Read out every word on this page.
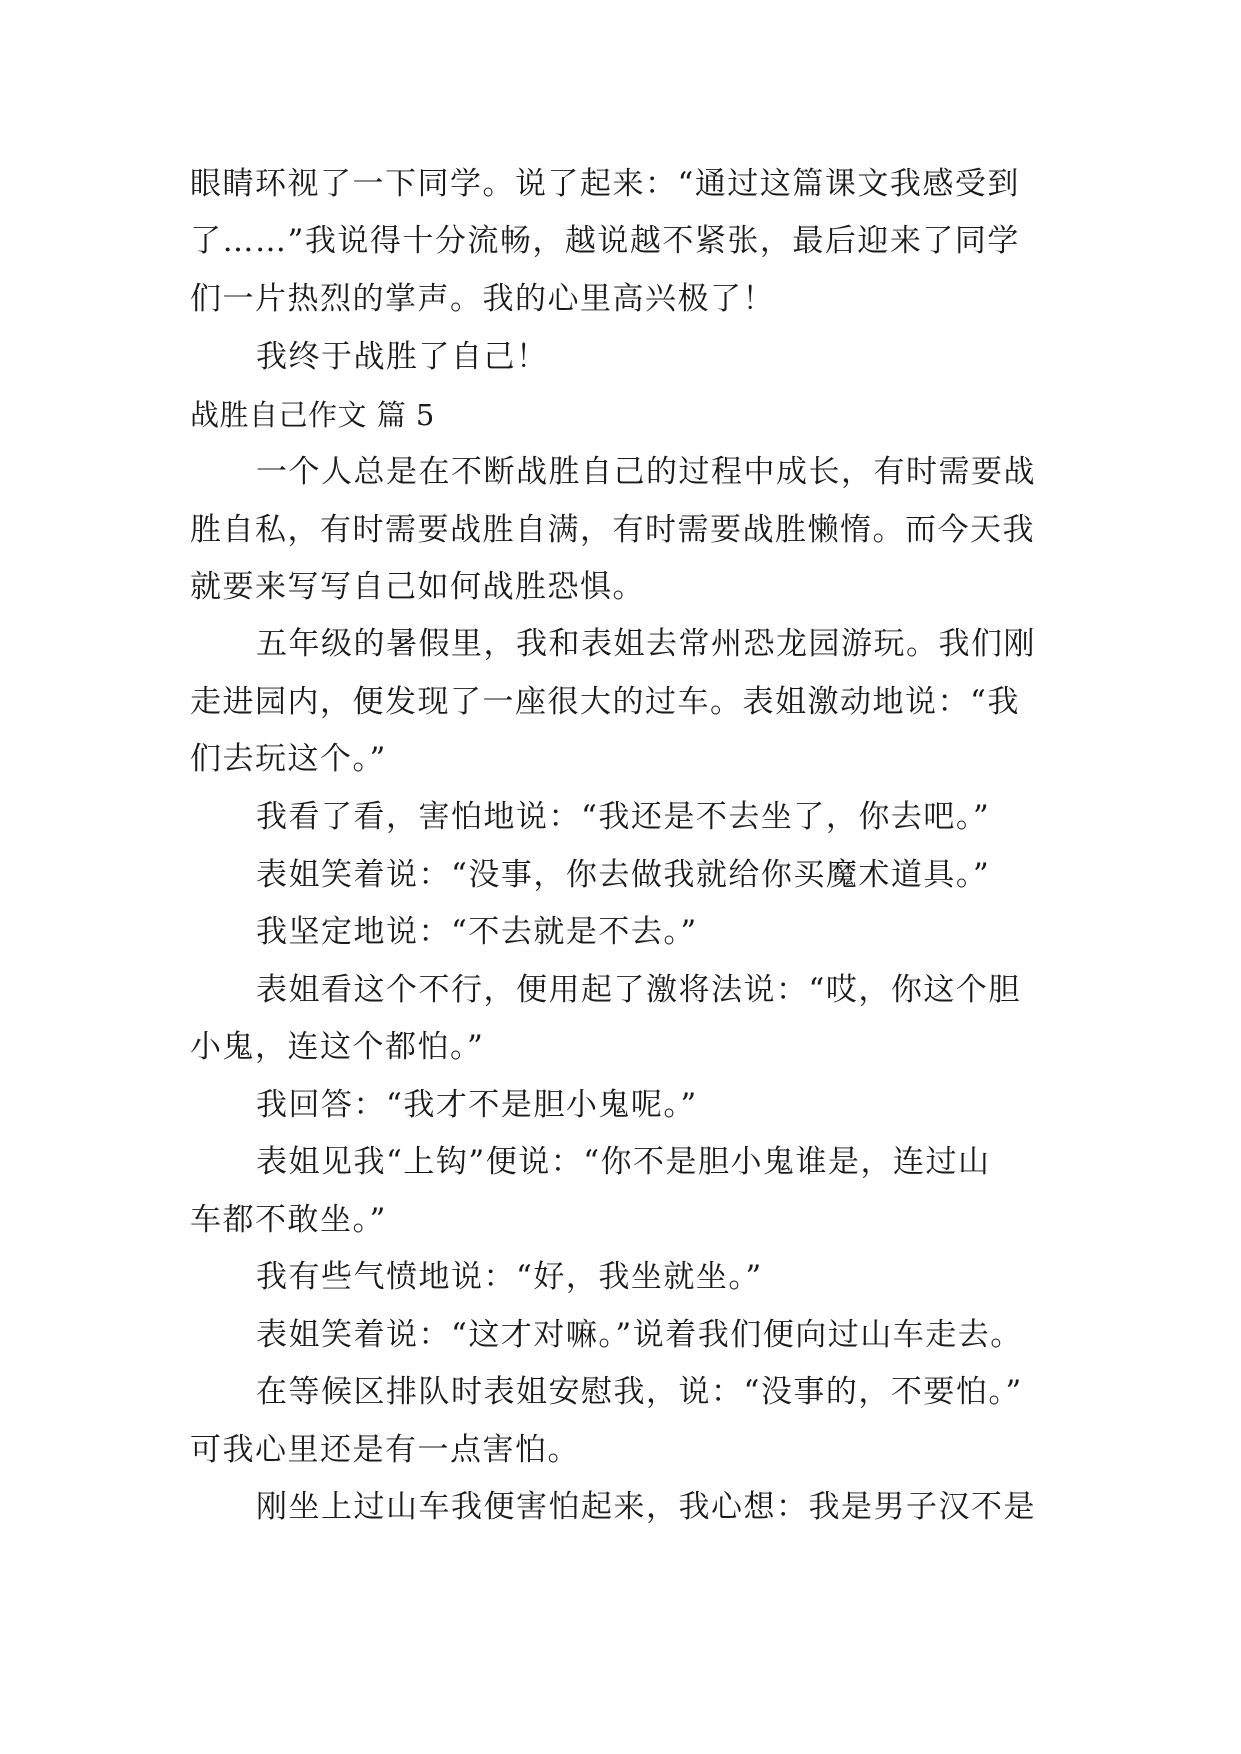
眼睛环视了一下同学。说了起来：“通过这篇课文我感受到
了……”我说得十分流畅，越说越不紧张，最后迎来了同学
们一片热烈的掌声。我的心里高兴极了！
我终于战胜了自己！
战胜自己作文 篇 5
一个人总是在不断战胜自己的过程中成长，有时需要战
胜自私，有时需要战胜自满，有时需要战胜懒惰。而今天我
就要来写写自己如何战胜恐惧。
五年级的暑假里，我和表姐去常州恐龙园游玩。我们刚
走进园内，便发现了一座很大的过车。表姐激动地说：“我
们去玩这个。”
我看了看，害怕地说：“我还是不去坐了，你去吧。”
表姐笑着说：“没事，你去做我就给你买魔术道具。”
我坚定地说：“不去就是不去。”
表姐看这个不行，便用起了激将法说：“哎，你这个胆
小鬼，连这个都怕。”
我回答：“我才不是胆小鬼呢。”
表姐见我“上钩”便说：“你不是胆小鬼谁是，连过山
车都不敢坐。”
我有些气愤地说：“好，我坐就坐。”
表姐笑着说：“这才对嘛。”说着我们便向过山车走去。
在等候区排队时表姐安慰我，说：“没事的，不要怕。”
可我心里还是有一点害怕。
刚坐上过山车我便害怕起来，我心想：我是男子汉不是
